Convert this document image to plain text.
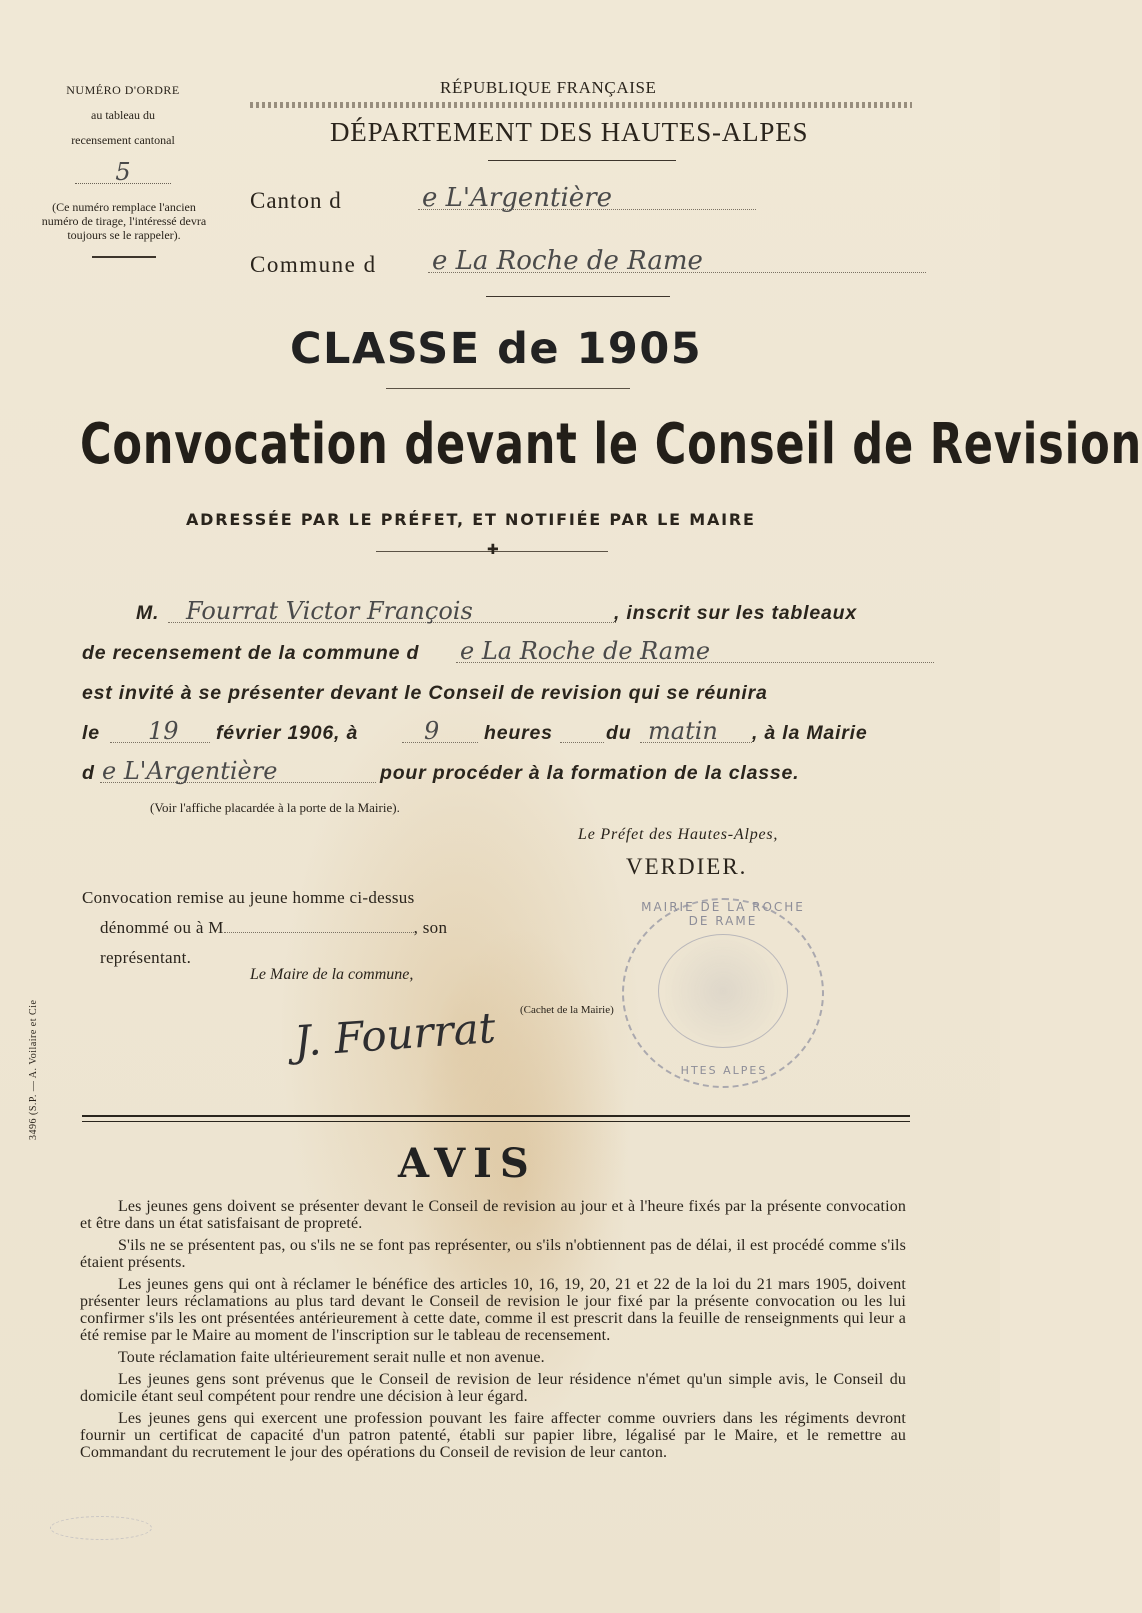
NUMÉRO D'ORDRE
au tableau du
recensement cantonal
5
(Ce numéro remplace l'ancien numéro de tirage, l'intéressé devra toujours se le rappeler).
RÉPUBLIQUE FRANÇAISE
DÉPARTEMENT DES HAUTES-ALPES
Canton d	e L'Argentière
Commune d e La Roche de Rame
CLASSE de 1905
Convocation devant le Conseil de Revision
ADRESSÉE PAR LE PRÉFET, ET NOTIFIÉE PAR LE MAIRE
✚
M. Fourrat Victor François	, inscrit sur les tableaux
de recensement de la commune d e La Roche de Rame
est invité à se présenter devant le Conseil de revision qui se réunira
le 19 février 1906, à	9 heures	du matin , à la Mairie
d e L'Argentière	pour procéder à la formation de la classe.
(Voir l'affiche placardée à la porte de la Mairie).
Le Préfet des Hautes-Alpes,
VERDIER.
Convocation remise au jeune homme ci-dessus
dénommé ou à M	, son
représentant.
Le Maire de la commune,
(Cachet de la Mairie)
J. Fourrat
MAIRIE DE LA ROCHE DE RAME
HTES ALPES
3496 (S.P. — A. Voilaire et Cie
AVIS

Les jeunes gens doivent se présenter devant le Conseil de revision au jour et à l'heure fixés par la présente convocation et être dans un état satisfaisant de propreté.

S'ils ne se présentent pas, ou s'ils ne se font pas représenter, ou s'ils n'obtiennent pas de délai, il est procédé comme s'ils étaient présents.

Les jeunes gens qui ont à réclamer le bénéfice des articles 10, 16, 19, 20, 21 et 22 de la loi du 21 mars 1905, doivent présenter leurs réclamations au plus tard devant le Conseil de revision le jour fixé par la présente convocation ou les lui confirmer s'ils les ont présentées antérieurement à cette date, comme il est prescrit dans la feuille de renseignments qui leur a été remise par le Maire au moment de l'inscription sur le tableau de recensement.

Toute réclamation faite ultérieurement serait nulle et non avenue.

Les jeunes gens sont prévenus que le Conseil de revision de leur résidence n'émet qu'un simple avis, le Conseil du domicile étant seul compétent pour rendre une décision à leur égard.

Les jeunes gens qui exercent une profession pouvant les faire affecter comme ouvriers dans les régiments devront fournir un certificat de capacité d'un patron patenté, établi sur papier libre, légalisé par le Maire, et le remettre au Commandant du recrutement le jour des opérations du Conseil de revision de leur canton.
